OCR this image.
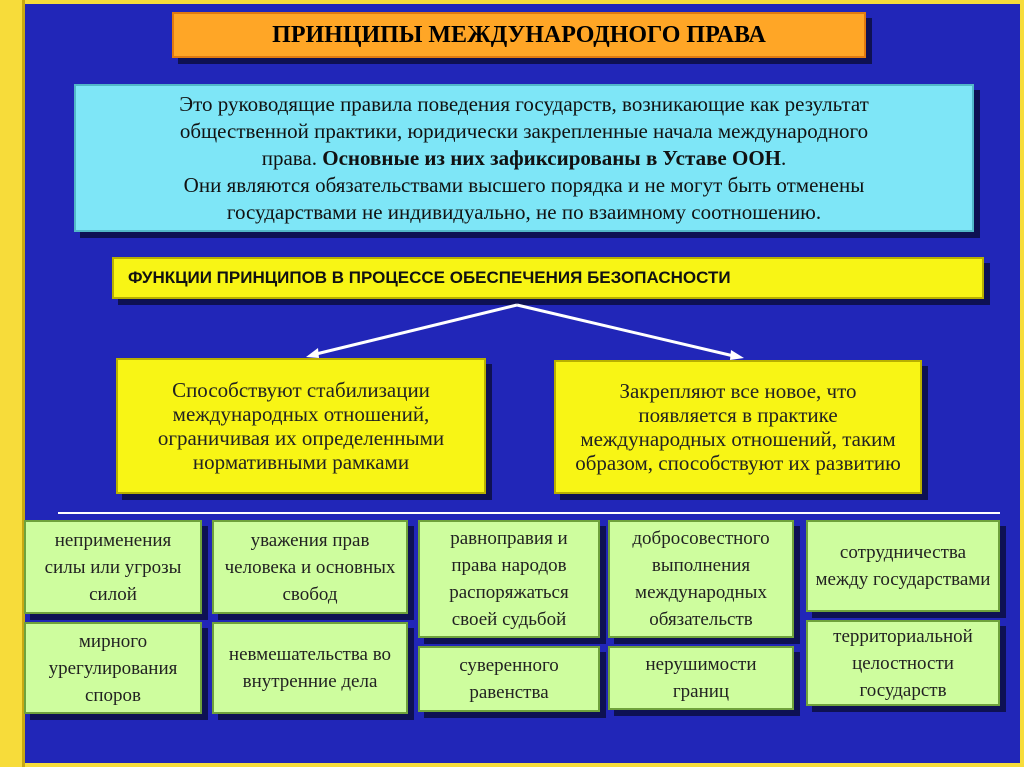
ПРИНЦИПЫ МЕЖДУНАРОДНОГО ПРАВА
Это руководящие правила поведения государств, возникающие как результат
общественной практики, юридически закрепленные начала международного
права. Основные из них зафиксированы в Уставе ООН.
Они являются обязательствами высшего порядка и не могут быть отменены
государствами не индивидуально, не по взаимному соотношению.
ФУНКЦИИ ПРИНЦИПОВ В ПРОЦЕССЕ ОБЕСПЕЧЕНИЯ БЕЗОПАСНОСТИ
Способствуют стабилизации международных отношений, ограничивая их определенными нормативными рамками
Закрепляют все новое, что появляется в практике международных отношений, таким образом, способствуют их развитию
неприменения силы или угрозы силой
уважения прав человека и основных свобод
равноправия и права народов распоряжаться своей судьбой
добросовестного выполнения международных обязательств
сотрудничества между государствами
мирного урегулирования споров
невмешательства во внутренние дела
суверенного равенства
нерушимости границ
территориальной целостности государств
